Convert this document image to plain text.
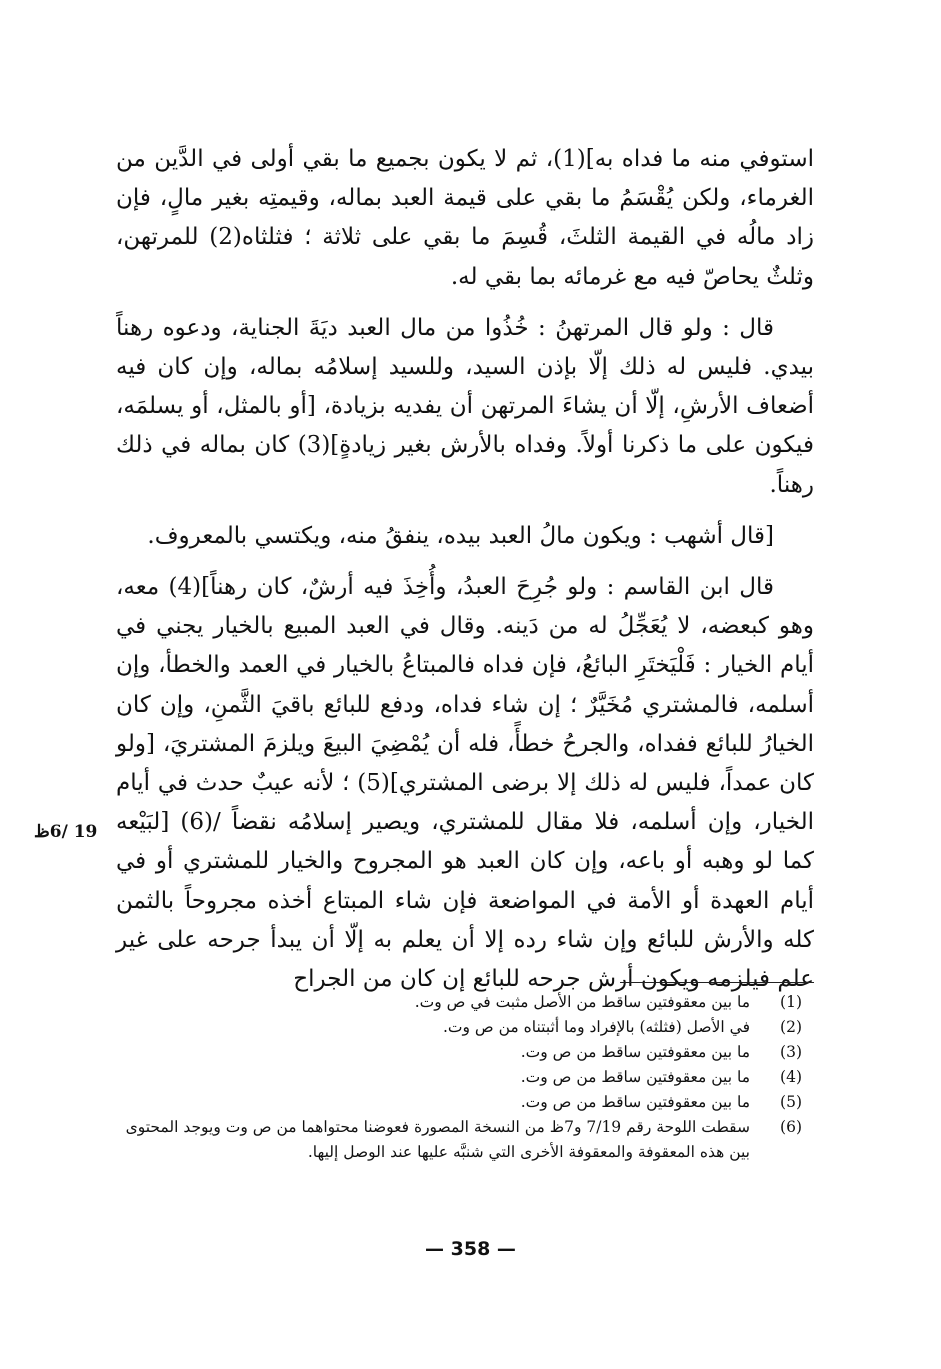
استوفي منه ما فداه به](1)، ثم لا يكون بجميع ما بقي أولى في الدَّين من الغرماء، ولكن يُقْسَمُ ما بقي على قيمة العبد بماله، وقيمتِه بغير مالٍ، فإن زاد مالُه في القيمة الثلثَ، قُسِمَ ما بقي على ثلاثة ؛ فثلثاه(2) للمرتهن، وثلثٌ يحاصّ فيه مع غرمائه بما بقي له.

قال : ولو قال المرتهنُ : خُذُوا من مال العبد ديَةَ الجناية، ودعوه رهناً بيدي. فليس له ذلك إلّا بإذن السيد، وللسيد إسلامُه بماله، وإن كان فيه أضعاف الأرشِ، إلّا أن يشاءَ المرتهن أن يفديه بزيادة، [أو بالمثل، أو يسلمَه، فيكون على ما ذكرنا أولاً. وفداه بالأرش بغير زيادةٍ](3) كان بماله في ذلك رهناً.

[قال أشهب : ويكون مالُ العبد بيده، ينفقُ منه، ويكتسي بالمعروف.

قال ابن القاسم : ولو جُرِحَ العبدُ، وأُخِذَ فيه أرشٌ، كان رهناً](4) معه، وهو كبعضه، لا يُعَجِّلُ له من دَينه. وقال في العبد المبيع بالخيار يجني في أيام الخيار : فَلْيَختَرِ البائعُ، فإن فداه فالمبتاعُ بالخيار في العمد والخطأ، وإن أسلمه، فالمشتري مُخَيَّرٌ ؛ إن شاء فداه، ودفع للبائع باقيَ الثَّمنِ، وإن كان الخيارُ للبائع ففداه، والجرحُ خطأً، فله أن يُمْضِيَ البيعَ ويلزمَ المشتريَ، [ولو كان عمداً، فليس له ذلك إلا برضى المشتري](5) ؛ لأنه عيبٌ حدث في أيام الخيار، وإن أسلمه، فلا مقال للمشتري، ويصير إسلامُه نقضاً /(6) [لبَيْعه كما لو وهبه أو باعه، وإن كان العبد هو المجروح والخيار للمشتري أو في أيام العهدة أو الأمة في المواضعة فإن شاء المبتاع أخذه مجروحاً بالثمن كله والأرش للبائع وإن شاء رده إلا أن يعلم به إلّا أن يبدأ جرحه على غير علم فيلزمه ويكون أرش جرحه للبائع إن كان من الجراح

19 /6ظ
(1)
ما بين معقوفتين ساقط من الأصل مثبت في ص وت.
(2)
في الأصل (فثلثه) بالإفراد وما أثبتناه من ص وت.
(3)
ما بين معقوفتين ساقط من ص وت.
(4)
ما بين معقوفتين ساقط من ص وت.
(5)
ما بين معقوفتين ساقط من ص وت.
(6)
سقطت اللوحة رقم 7/19 و7ظ من النسخة المصورة فعوضنا محتواهما من ص وت ويوجد المحتوى بين هذه المعقوفة والمعقوفة الأخرى التي شنبَّه عليها عند الوصل إليها.
— 358 —
